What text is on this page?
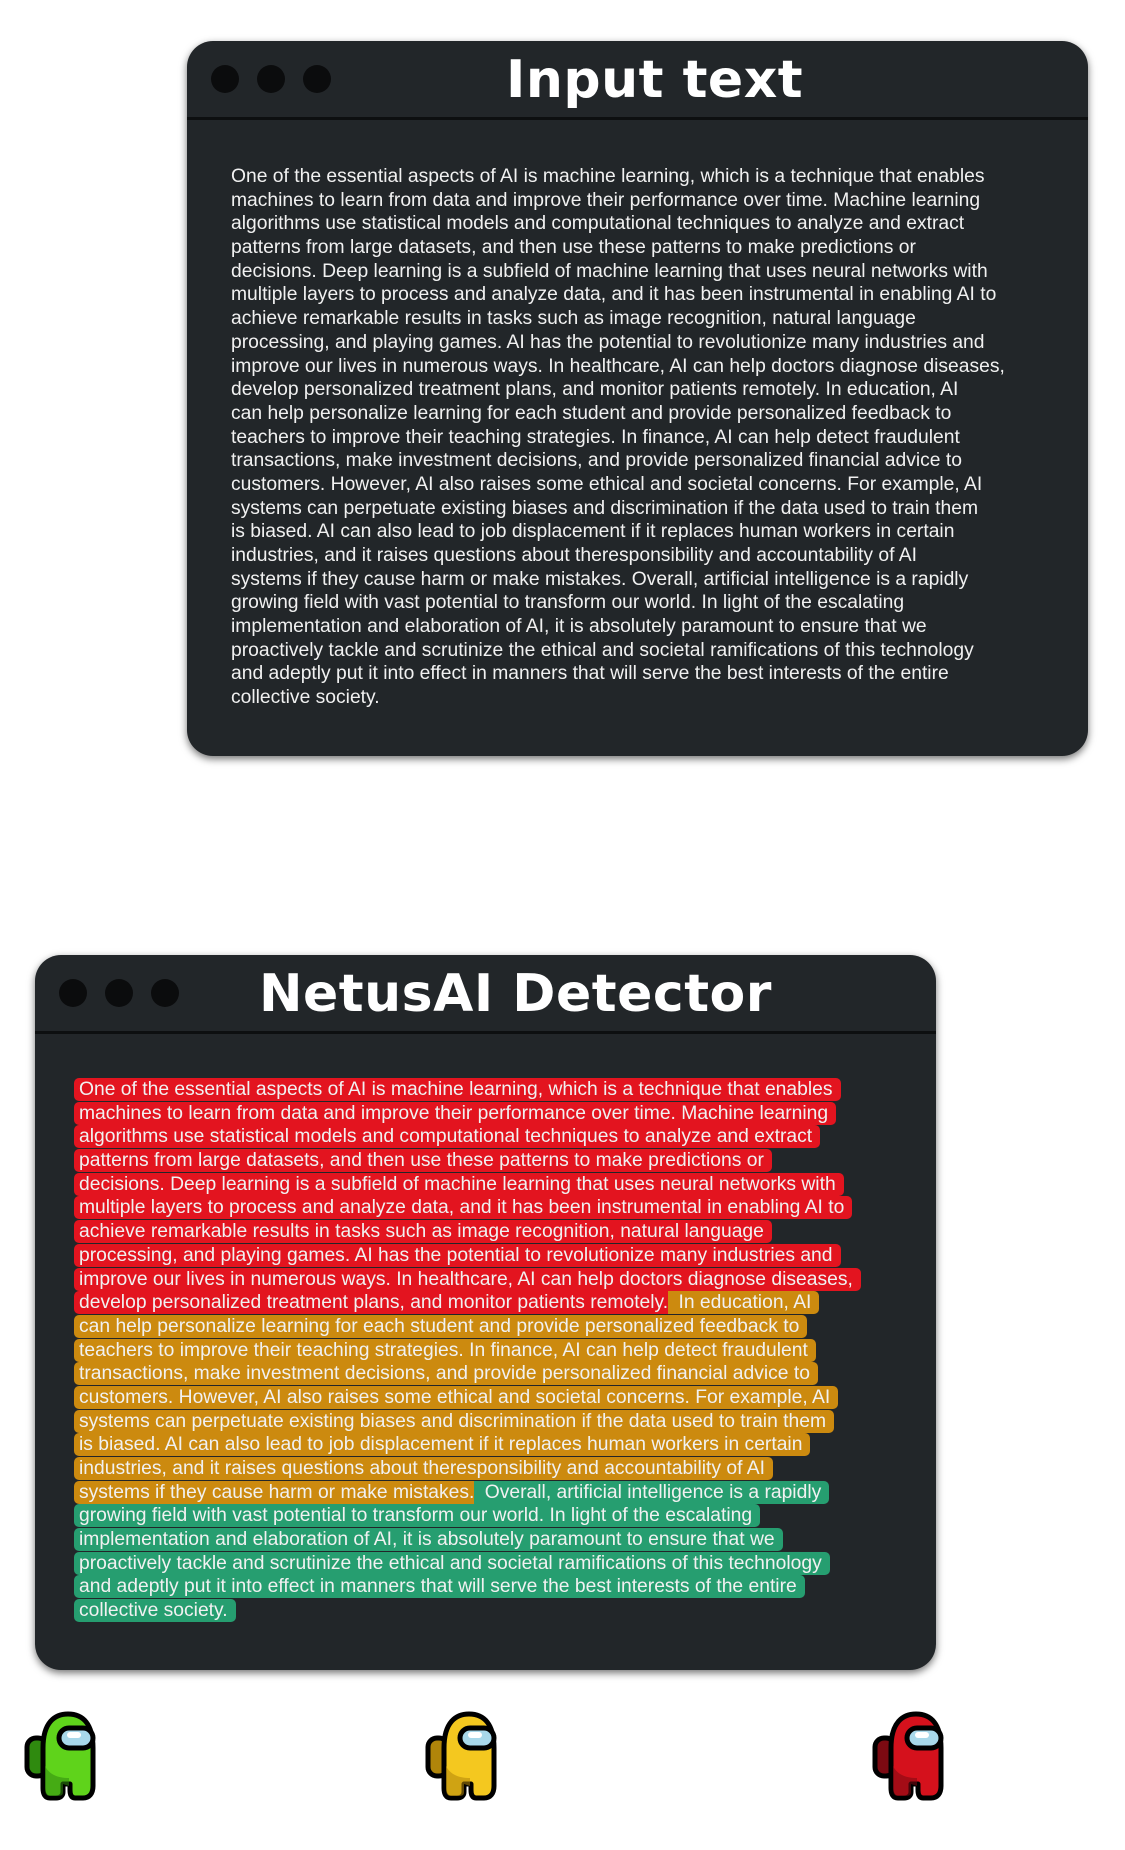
Input text
One of the essential aspects of AI is machine learning, which is a technique that enables
machines to learn from data and improve their performance over time. Machine learning
algorithms use statistical models and computational techniques to analyze and extract
patterns from large datasets, and then use these patterns to make predictions or
decisions. Deep learning is a subfield of machine learning that uses neural networks with
multiple layers to process and analyze data, and it has been instrumental in enabling AI to
achieve remarkable results in tasks such as image recognition, natural language
processing, and playing games. AI has the potential to revolutionize many industries and
improve our lives in numerous ways. In healthcare, AI can help doctors diagnose diseases,
develop personalized treatment plans, and monitor patients remotely. In education, AI
can help personalize learning for each student and provide personalized feedback to
teachers to improve their teaching strategies. In finance, AI can help detect fraudulent
transactions, make investment decisions, and provide personalized financial advice to
customers. However, AI also raises some ethical and societal concerns. For example, AI
systems can perpetuate existing biases and discrimination if the data used to train them
is biased. AI can also lead to job displacement if it replaces human workers in certain
industries, and it raises questions about theresponsibility and accountability of AI
systems if they cause harm or make mistakes. Overall, artificial intelligence is a rapidly
growing field with vast potential to transform our world. In light of the escalating
implementation and elaboration of AI, it is absolutely paramount to ensure that we
proactively tackle and scrutinize the ethical and societal ramifications of this technology
and adeptly put it into effect in manners that will serve the best interests of the entire
collective society.
NetusAI Detector
One of the essential aspects of AI is machine learning, which is a technique that enables
machines to learn from data and improve their performance over time. Machine learning
algorithms use statistical models and computational techniques to analyze and extract
patterns from large datasets, and then use these patterns to make predictions or
decisions. Deep learning is a subfield of machine learning that uses neural networks with
multiple layers to process and analyze data, and it has been instrumental in enabling AI to
achieve remarkable results in tasks such as image recognition, natural language
processing, and playing games. AI has the potential to revolutionize many industries and
improve our lives in numerous ways. In healthcare, AI can help doctors diagnose diseases,
develop personalized treatment plans, and monitor patients remotely. In education, AI
can help personalize learning for each student and provide personalized feedback to
teachers to improve their teaching strategies. In finance, AI can help detect fraudulent
transactions, make investment decisions, and provide personalized financial advice to
customers. However, AI also raises some ethical and societal concerns. For example, AI
systems can perpetuate existing biases and discrimination if the data used to train them
is biased. AI can also lead to job displacement if it replaces human workers in certain
industries, and it raises questions about theresponsibility and accountability of AI
systems if they cause harm or make mistakes. Overall, artificial intelligence is a rapidly
growing field with vast potential to transform our world. In light of the escalating
implementation and elaboration of AI, it is absolutely paramount to ensure that we
proactively tackle and scrutinize the ethical and societal ramifications of this technology
and adeptly put it into effect in manners that will serve the best interests of the entire
collective society.
